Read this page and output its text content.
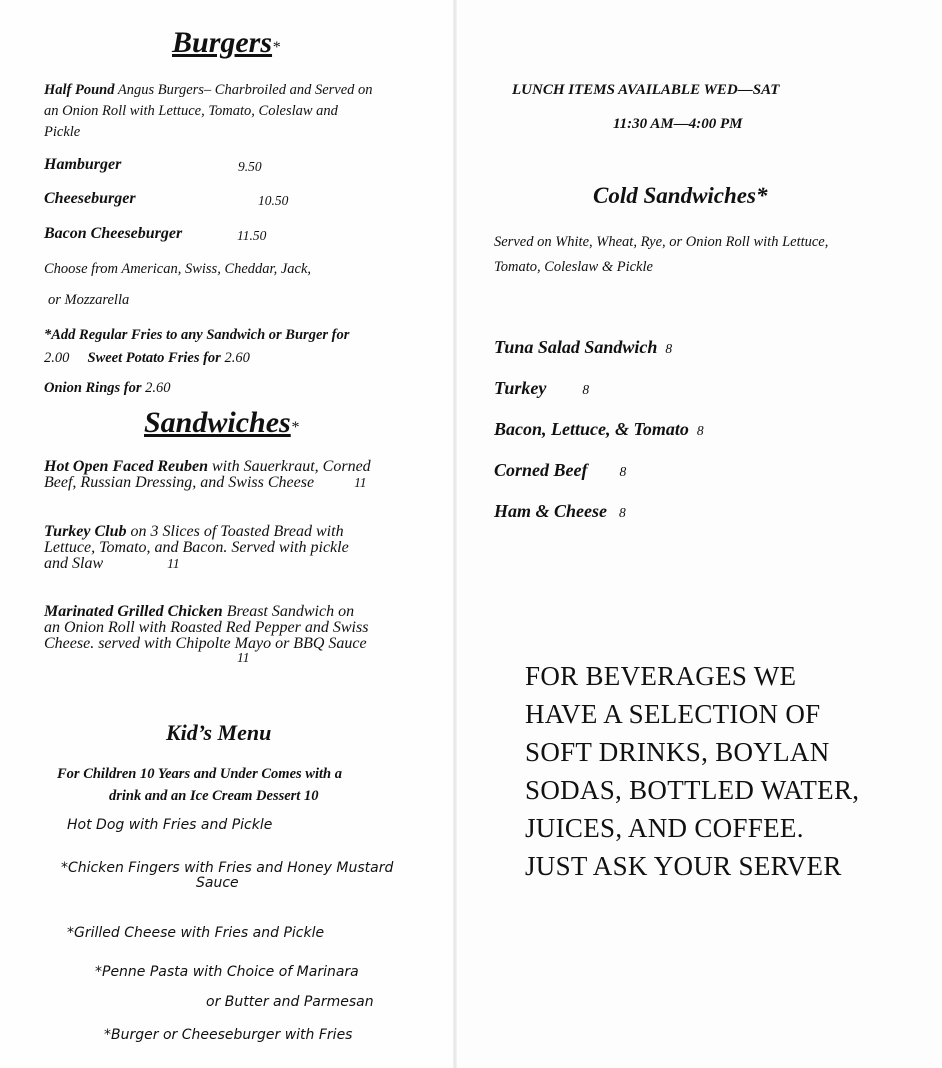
Burgers*
Half Pound Angus Burgers– Charbroiled and Served on
an Onion Roll with Lettuce, Tomato, Coleslaw and
Pickle
Hamburger	9.50
Cheeseburger	10.50
Bacon Cheeseburger	11.50
Choose from American, Swiss, Cheddar, Jack,
or Mozzarella
*Add Regular Fries to any Sandwich or Burger for
2.00 Sweet Potato Fries for 2.60
Onion Rings for 2.60
Sandwiches*
Hot Open Faced Reuben with Sauerkraut, Corned
Beef, Russian Dressing, and Swiss Cheese	11
Turkey Club on 3 Slices of Toasted Bread with
Lettuce, Tomato, and Bacon. Served with pickle
and Slaw	11
Marinated Grilled Chicken Breast Sandwich on
an Onion Roll with Roasted Red Pepper and Swiss
Cheese. served with Chipolte Mayo or BBQ Sauce
11
Kid’s Menu
For Children 10 Years and Under Comes with a
drink and an Ice Cream Dessert 10
Hot Dog with Fries and Pickle
*Chicken Fingers with Fries and Honey Mustard
Sauce
*Grilled Cheese with Fries and Pickle
*Penne Pasta with Choice of Marinara
or Butter and Parmesan
*Burger or Cheeseburger with Fries
LUNCH ITEMS AVAILABLE WED—SAT
11:30 AM—4:00 PM
Cold Sandwiches*
Served on White, Wheat, Rye, or Onion Roll with Lettuce,
Tomato, Coleslaw & Pickle
Tuna Salad Sandwich 8
Turkey	8
Bacon, Lettuce, & Tomato 8
Corned Beef 8
Ham & Cheese 8
FOR BEVERAGES WE
HAVE A SELECTION OF
SOFT DRINKS, BOYLAN
SODAS, BOTTLED WATER,
JUICES, AND COFFEE.
JUST ASK YOUR SERVER
